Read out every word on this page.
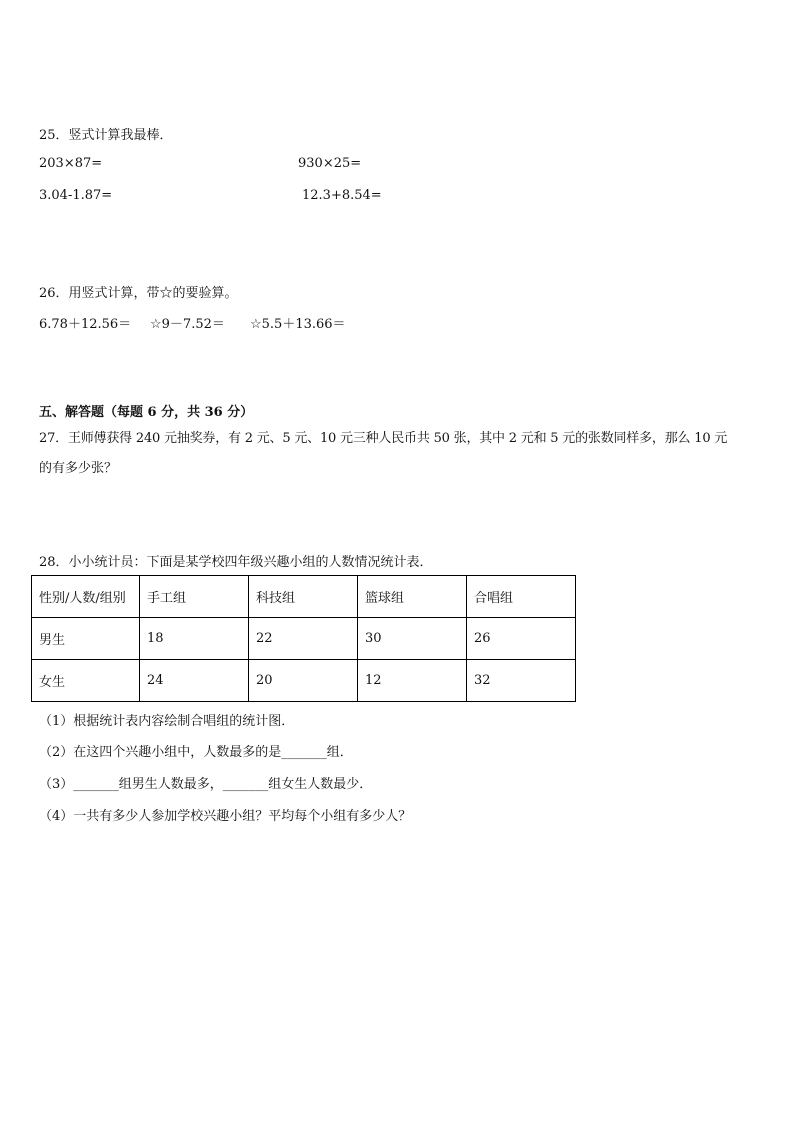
25．竖式计算我最棒．
203×87=	930×25=
3.04-1.87=	12.3+8.54=
26．用竖式计算，带☆的要验算。
6.78＋12.56＝ ☆9－7.52＝ ☆5.5＋13.66＝
五、解答题（每题 6 分，共 36 分）
27．王师傅获得 240 元抽奖券，有 2 元、5 元、10 元三种人民币共 50 张，其中 2 元和 5 元的张数同样多，那么 10 元
的有多少张？
28．小小统计员：下面是某学校四年级兴趣小组的人数情况统计表．
性别/人数/组别	手工组	科技组	篮球组	合唱组
男生	18	22	30	26
女生	24	20	12	32
（1）根据统计表内容绘制合唱组的统计图．
（2）在这四个兴趣小组中，人数最多的是_______组．
（3）_______组男生人数最多，_______组女生人数最少．
（4）一共有多少人参加学校兴趣小组？平均每个小组有多少人？
